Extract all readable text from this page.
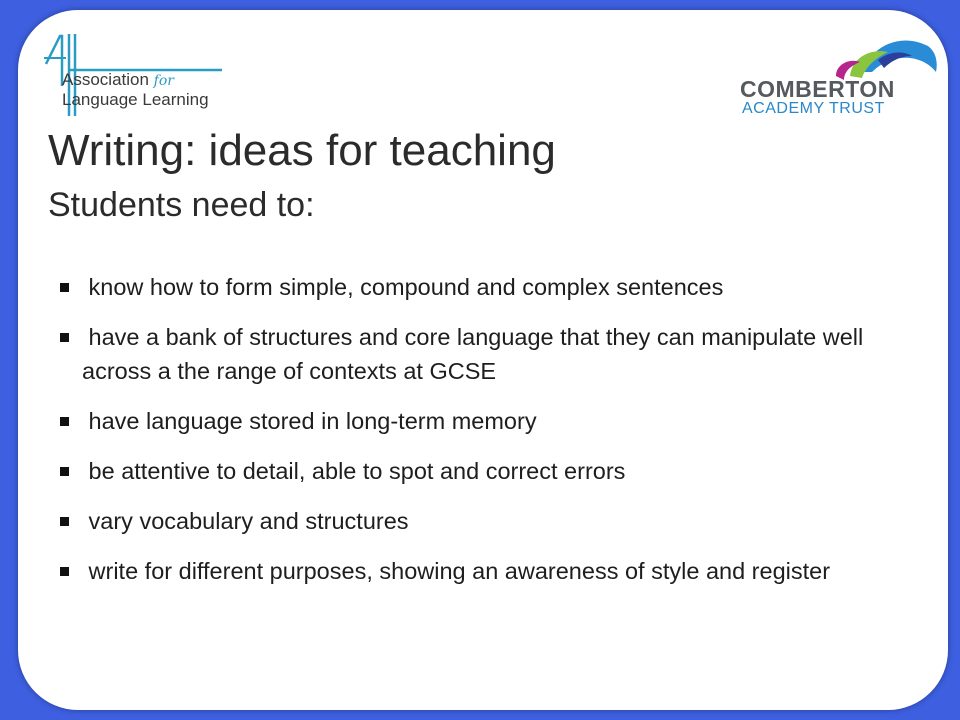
Association for
Language Learning	COMBERTON
ACADEMY TRUST
Writing: ideas for teaching
Students need to:
know how to form simple, compound and complex sentences
have a bank of structures and core language that they can manipulate well across a the range of contexts at GCSE
have language stored in long-term memory
be attentive to detail, able to spot and correct errors
vary vocabulary and structures
write for different purposes, showing an awareness of style and register
